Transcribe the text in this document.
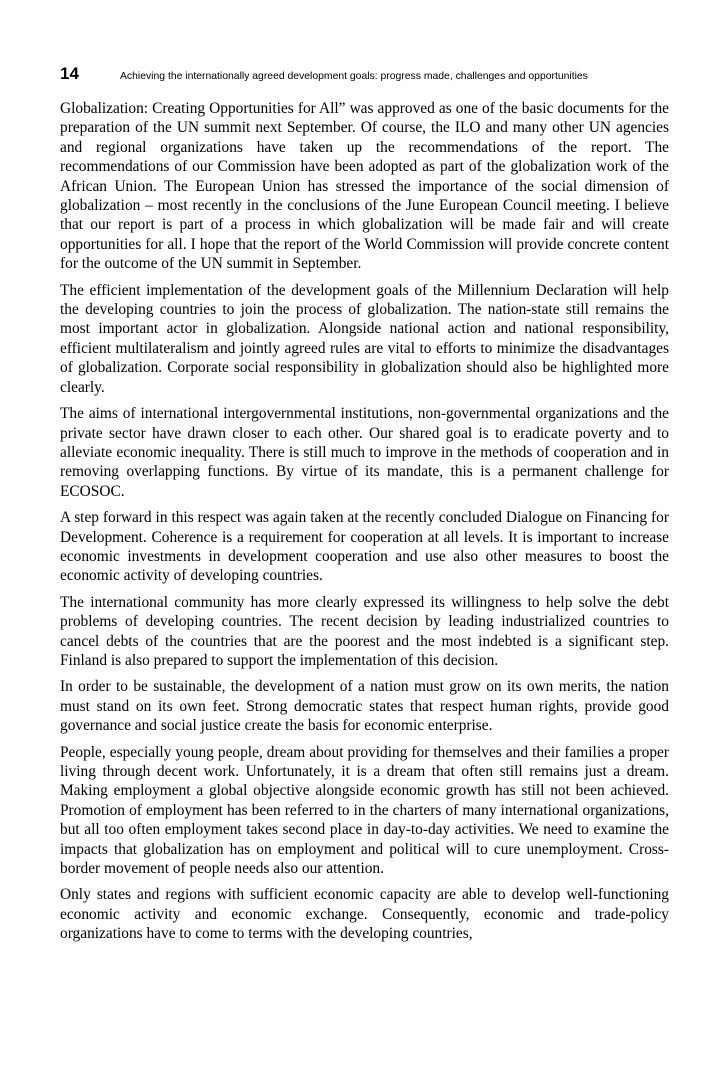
14	Achieving the internationally agreed development goals: progress made, challenges and opportunities

Globalization: Creating Opportunities for All” was approved as one of the basic documents for the preparation of the UN summit next September. Of course, the ILO and many other UN agencies and regional organizations have taken up the recommendations of the report. The recommendations of our Commission have been adopted as part of the globalization work of the African Union. The European Union has stressed the importance of the social dimension of globalization – most recently in the conclusions of the June European Council meeting. I believe that our report is part of a process in which globalization will be made fair and will create opportunities for all. I hope that the report of the World Commission will provide concrete content for the outcome of the UN summit in September.

The efficient implementation of the development goals of the Millennium Declaration will help the developing countries to join the process of globalization. The nation-state still remains the most important actor in globalization. Alongside national action and national responsibility, efficient multilateralism and jointly agreed rules are vital to efforts to minimize the disadvantages of globalization. Corporate social responsibility in globalization should also be highlighted more clearly.

The aims of international intergovernmental institutions, non-governmental organizations and the private sector have drawn closer to each other. Our shared goal is to eradicate poverty and to alleviate economic inequality. There is still much to improve in the methods of cooperation and in removing overlapping functions. By virtue of its mandate, this is a permanent challenge for ECOSOC.

A step forward in this respect was again taken at the recently concluded Dialogue on Financing for Development. Coherence is a requirement for cooperation at all levels. It is important to increase economic investments in development cooperation and use also other measures to boost the economic activity of developing countries.

The international community has more clearly expressed its willingness to help solve the debt problems of developing countries. The recent decision by leading industrialized countries to cancel debts of the countries that are the poorest and the most indebted is a significant step. Finland is also prepared to support the implementation of this decision.

In order to be sustainable, the development of a nation must grow on its own merits, the nation must stand on its own feet. Strong democratic states that respect human rights, provide good governance and social justice create the basis for economic enterprise.

People, especially young people, dream about providing for themselves and their families a proper living through decent work. Unfortunately, it is a dream that often still remains just a dream. Making employment a global objective alongside economic growth has still not been achieved. Promotion of employment has been referred to in the charters of many international organizations, but all too often employment takes second place in day-to-day activities. We need to examine the impacts that globalization has on employment and political will to cure unemployment. Cross-border movement of people needs also our attention.

Only states and regions with sufficient economic capacity are able to develop well-functioning economic activity and economic exchange. Consequently, economic and trade-policy organizations have to come to terms with the developing countries,
